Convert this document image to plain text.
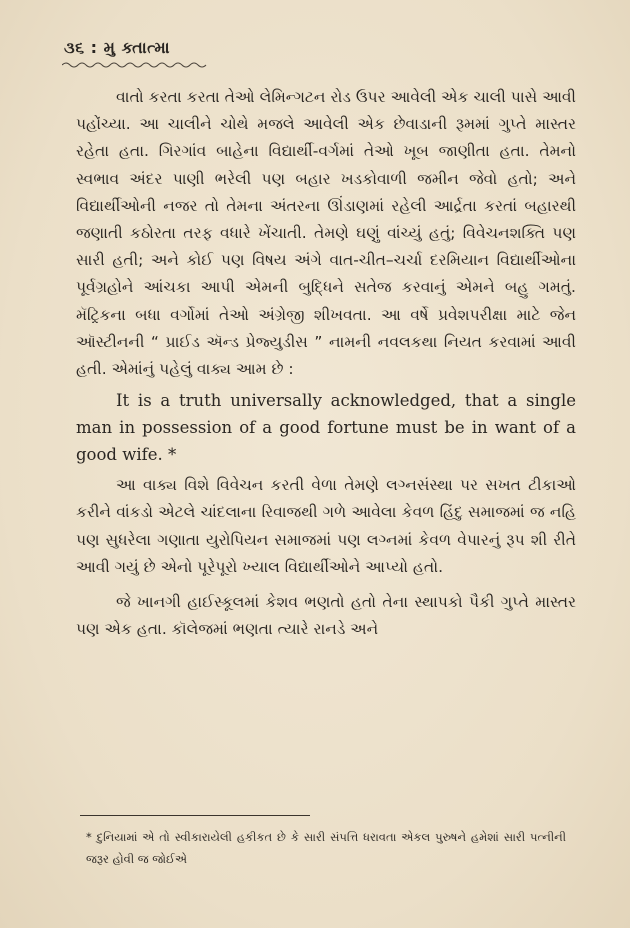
૩૬ : મુ ક્તાત્મા

વાતો કરતા કરતા તેઓ લેમિન્ગટન રોડ ઉપર આવેલી એક ચાલી પાસે આવી પહોંચ્યા. આ ચાલીને ચોથે મજલે આવેલી એક છેવાડાની રૂમમાં ગુપ્તે માસ્તર રહેતા હતા. ગિરગાંવ બાહેના વિદ્યાર્થી-વર્ગમાં તેઓ ખૂબ જાણીતા હતા. તેમનો સ્વભાવ અંદર પાણી ભરેલી પણ બહાર ખડકોવાળી જમીન જેવો હતો; અને વિદ્યાર્થીઓની નજર તો તેમના અંતરના ઊંડાણમાં રહેલી આર્દ્રતા કરતાં બહારથી જણાતી કઠોરતા તરફ વધારે ખેંચાતી. તેમણે ઘણું વાંચ્યું હતું; વિવેચનશક્તિ પણ સારી હતી; અને કોઈ પણ વિષય અંગે વાત-ચીત–ચર્ચા દરમિયાન વિદ્યાર્થીઓના પૂર્વગ્રહોને આંચકા આપી એમની બુદ્ધિને સતેજ કરવાનું એમને બહુ ગમતું. મૅટ્રિકના બધા વર્ગોમાં તેઓ અંગ્રેજી શીખવતા. આ વર્ષે પ્રવેશપરીક્ષા માટે જેન ઑસ્ટીનની “ પ્રાઈડ ઍન્ડ પ્રેજ્યુડીસ ” નામની નવલકથા નિયત કરવામાં આવી હતી. એમાંનું પહેલું વાક્ય આમ છે :

It is a truth universally acknowledged, that a single man in possession of a good fortune must be in want of a good wife. *

આ વાક્ય વિશે વિવેચન કરતી વેળા તેમણે લગ્નસંસ્થા પર સખત ટીકાઓ કરીને વાંકડો એટલે ચાંદલાના રિવાજથી ગળે આવેલા કેવળ હિંદુ સમાજમાં જ નહિ પણ સુધરેલા ગણાતા યુરોપિયન સમાજમાં પણ લગ્નમાં કેવળ વેપારનું રૂપ શી રીતે આવી ગયું છે એનો પૂરેપૂરો ખ્યાલ વિદ્યાર્થીઓને આપ્યો હતો.

જે ખાનગી હાઈસ્કૂલમાં કેશવ ભણતો હતો તેના સ્થાપકો પૈકી ગુપ્તે માસ્તર પણ એક હતા. કૉલેજમાં ભણતા ત્યારે રાનડે અને

* દુનિયામાં એ તો સ્વીકારાયેલી હકીકત છે કે સારી સંપત્તિ ધરાવતા એકલ પુરુષને હમેશાં સારી પત્નીની જરૂર હોવી જ જોઈએ
